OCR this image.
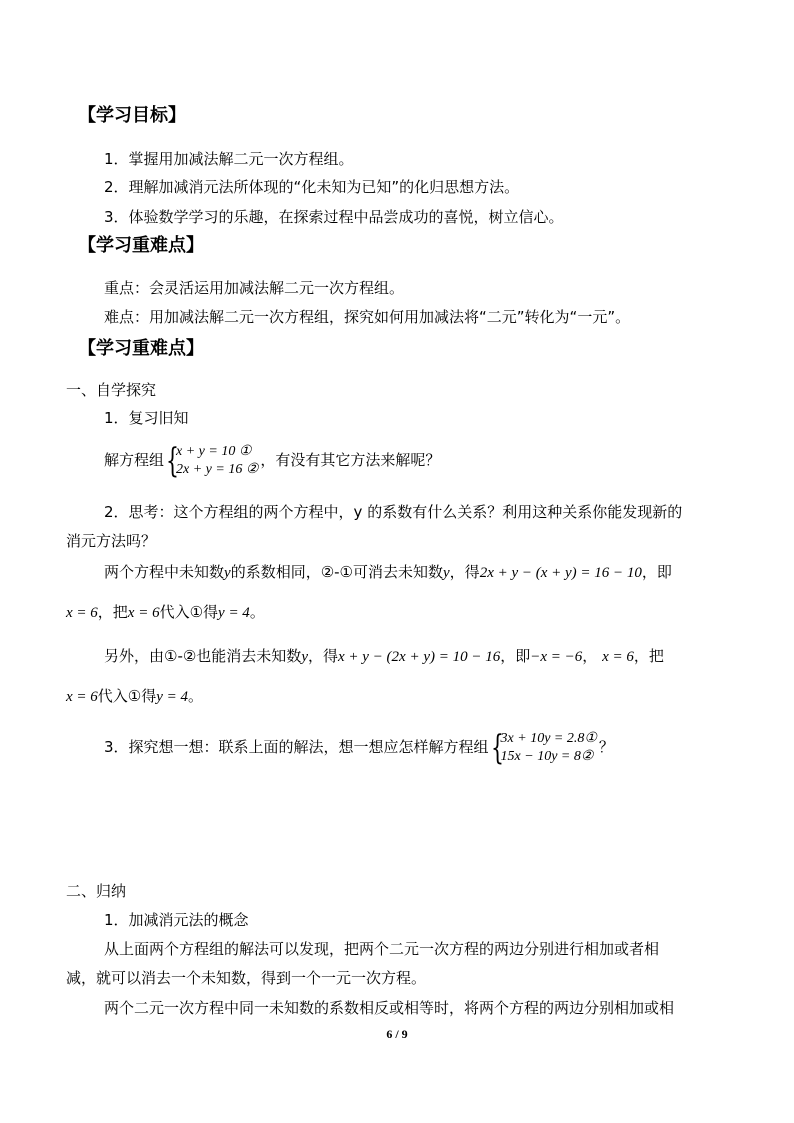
【学习目标】
1．掌握用加减法解二元一次方程组。
2．理解加减消元法所体现的“化未知为已知”的化归思想方法。
3．体验数学学习的乐趣，在探索过程中品尝成功的喜悦，树立信心。
【学习重难点】
重点：会灵活运用加减法解二元一次方程组。
难点：用加减法解二元一次方程组，探究如何用加减法将“二元”转化为“一元”。
【学习重难点】
一、自学探究
1．复习旧知
解方程组 {
x + y = 10 ①
2x + y = 16 ② ，有没有其它方法来解呢？
2．思考：这个方程组的两个方程中，y 的系数有什么关系？利用这种关系你能发现新的
消元方法吗？
两个方程中未知数y的系数相同，②-①可消去未知数y，得2x + y − (x + y) = 16 − 10，即
x = 6，把x = 6代入①得y = 4。
另外，由①-②也能消去未知数y，得x + y − (2x + y) = 10 − 16，即−x = −6， x = 6，把
x = 6代入①得y = 4。
3．探究想一想：联系上面的解法，想一想应怎样解方程组 {
3x + 10y = 2.8①
15x − 10y = 8② ？
二、归纳
1．加减消元法的概念
从上面两个方程组的解法可以发现，把两个二元一次方程的两边分别进行相加或者相
减，就可以消去一个未知数，得到一个一元一次方程。
两个二元一次方程中同一未知数的系数相反或相等时，将两个方程的两边分别相加或相
6 / 9
